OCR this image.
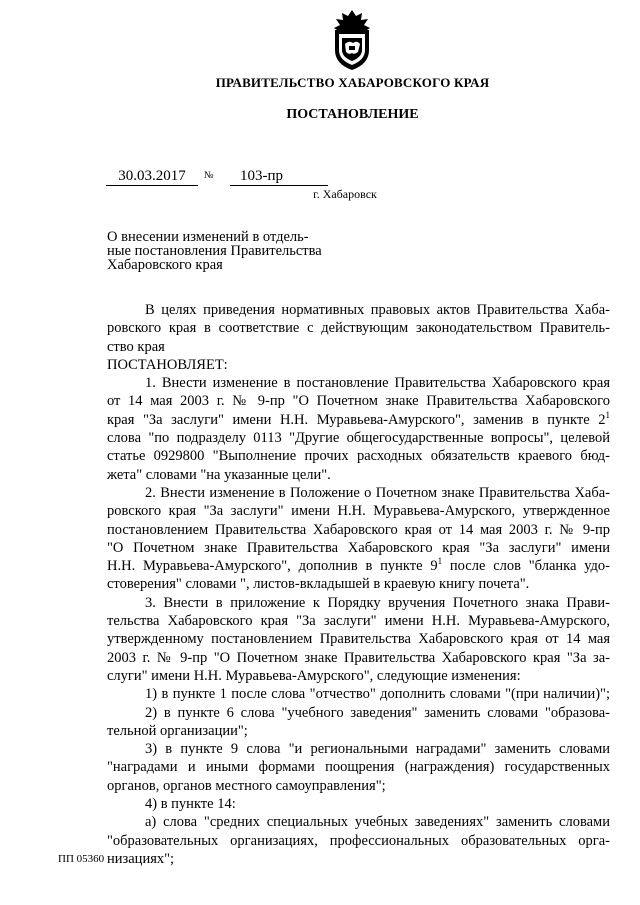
ПРАВИТЕЛЬСТВО ХАБАРОВСКОГО КРАЯ
ПОСТАНОВЛЕНИЕ
30.03.2017	№	103-пр
г. Хабаровск
О внесении изменений в отдель-
ные постановления Правительства
Хабаровского края
В целях приведения нормативных правовых актов Правительства Хаба-
ровского края в соответствие с действующим законодательством Правитель-
ство края
ПОСТАНОВЛЯЕТ:
1. Внести изменение в постановление Правительства Хабаровского края
от 14 мая 2003 г. № 9-пр "О Почетном знаке Правительства Хабаровского
края "За заслуги" имени Н.Н. Муравьева-Амурского", заменив в пункте $2^1$
слова "по подразделу 0113 "Другие общегосударственные вопросы", целевой
статье 0929800 "Выполнение прочих расходных обязательств краевого бюд-
жета" словами "на указанные цели".
2. Внести изменение в Положение о Почетном знаке Правительства Хаба-
ровского края "За заслуги" имени Н.Н. Муравьева-Амурского, утвержденное
постановлением Правительства Хабаровского края от 14 мая 2003 г. № 9-пр
"О Почетном знаке Правительства Хабаровского края "За заслуги" имени
Н.Н. Муравьева-Амурского", дополнив в пункте $9^1$ после слов "бланка удо-
стоверения" словами ", листов-вкладышей в краевую книгу почета".
3. Внести в приложение к Порядку вручения Почетного знака Прави-
тельства Хабаровского края "За заслуги" имени Н.Н. Муравьева-Амурского,
утвержденному постановлением Правительства Хабаровского края от 14 мая
2003 г. № 9-пр "О Почетном знаке Правительства Хабаровского края "За за-
слуги" имени Н.Н. Муравьева-Амурского", следующие изменения:
1) в пункте 1 после слова "отчество" дополнить словами "(при наличии)";
2) в пункте 6 слова "учебного заведения" заменить словами "образова-
тельной организации";
3) в пункте 9 слова "и региональными наградами" заменить словами
"наградами и иными формами поощрения (награждения) государственных
органов, органов местного самоуправления";
4) в пункте 14:
а) слова "средних специальных учебных заведениях" заменить словами
"образовательных организациях, профессиональных образовательных орга-
низациях";
ПП 05360
